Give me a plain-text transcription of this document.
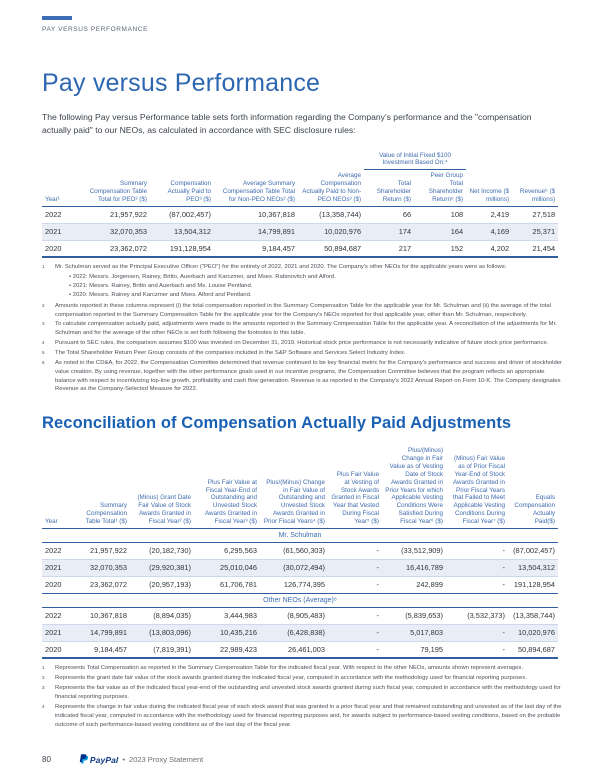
PAY VERSUS PERFORMANCE
Pay versus Performance

The following Pay versus Performance table sets forth information regarding the Company's performance and the "compensation actually paid" to our NEOs, as calculated in accordance with SEC disclosure rules:

					Value of Initial Fixed $100 Investment Based On:⁴			
Year¹	Summary Compensation Table Total for PEO² ($)	Compensation Actually Paid to PEO³ ($)	Average Summary Compensation Table Total for Non-PEO NEOs² ($)	Average Compensation Actually Paid to Non-PEO NEOs³ ($)	Total Shareholder Return ($)	Peer Group Total Shareholder Return⁵ ($)	Net Income ($ millions)	Revenue⁶ ($ millions)
2022	21,957,922	(87,002,457)	10,367,818	(13,358,744)	66	108	2,419	27,518
2021	32,070,353	13,504,312	14,799,891	10,020,976	174	164	4,169	25,371
2020	23,362,072	191,128,954	9,184,457	50,894,687	217	152	4,202	21,454
1	Mr. Schulman served as the Principal Executive Officer ("PEO") for the entirety of 2022, 2021 and 2020. The Company's other NEOs for the applicable years were as follows:
• 2022: Messrs. Jorgensen, Rainey, Britto, Auerbach and Karczmer, and Mses. Rabinovitch and Alford.
• 2021: Messrs. Rainey, Britto and Auerbach and Ms. Louise Pentland.
• 2020: Messrs. Rainey and Karczmer and Mses. Alford and Pentland.
2	Amounts reported in these columns represent (i) the total compensation reported in the Summary Compensation Table for the applicable year for Mr. Schulman and (ii) the average of the total compensation reported in the Summary Compensation Table for the applicable year for the Company's NEOs reported for that applicable year, other than Mr. Schulman, respectively.
3	To calculate compensation actually paid, adjustments were made to the amounts reported in the Summary Compensation Table for the applicable year. A reconciliation of the adjustments for Mr. Schulman and for the average of the other NEOs is set forth following the footnotes to this table.
4	Pursuant to SEC rules, the comparison assumes $100 was invested on December 31, 2019. Historical stock price performance is not necessarily indicative of future stock price performance.
5	The Total Shareholder Return Peer Group consists of the companies included in the S&P Software and Services Select Industry Index.
6	As noted in the CD&A, for 2022, the Compensation Committee determined that revenue continued to be key financial metric for the Company's performance and success and driver of stockholder value creation. By using revenue, together with the other performance goals used in our incentive programs, the Compensation Committee believes that the program reflects an appropriate balance with respect to incentivizing top-line growth, profitability and cash flow generation. Revenue is as reported in the Company's 2022 Annual Report on Form 10-K. The Company designates Revenue as the Company-Selected Measure for 2022.
Reconciliation of Compensation Actually Paid Adjustments
Year	Summary Compensation Table Total¹ ($)	(Minus) Grant Date Fair Value of Stock Awards Granted in Fiscal Year² ($)	Plus Fair Value at Fiscal Year-End of Outstanding and Unvested Stock Awards Granted in Fiscal Year³ ($)	Plus/(Minus) Change in Fair Value of Outstanding and Unvested Stock Awards Granted in Prior Fiscal Years⁴ ($)	Plus Fair Value at Vesting of Stock Awards Granted in Fiscal Year that Vested During Fiscal Year⁵ ($)	Plus/(Minus) Change in Fair Value as of Vesting Date of Stock Awards Granted in Prior Years for which Applicable Vesting Conditions Were Satisfied During Fiscal Year⁶ ($)	(Minus) Fair Value as of Prior Fiscal Year-End of Stock Awards Granted in Prior Fiscal Years that Failed to Meet Applicable Vesting Conditions During Fiscal Year⁷ ($)	Equals Compensation Actually Paid($)
Mr. Schulman								
2022	21,957,922	(20,182,730)	6,295,563	(61,560,303)	-	(33,512,909)	-	(87,002,457)
2021	32,070,353	(29,920,381)	25,010,046	(30,072,494)	-	16,416,789	-	13,504,312
2020	23,362,072	(20,957,193)	61,706,781	126,774,395	-	242,899	-	191,128,954
Other NEOs (Average)⁸								
2022	10,367,818	(8,894,035)	3,444,983	(8,905,483)	-	(5,839,653)	(3,532,373)	(13,358,744)
2021	14,799,891	(13,803,096)	10,435,216	(6,428,838)	-	5,017,803	-	10,020,976
2020	9,184,457	(7,819,391)	22,989,423	26,461,003	-	79,195	-	50,894,687
1	Represents Total Compensation as reported in the Summary Compensation Table for the indicated fiscal year. With respect to the other NEOs, amounts shown represent averages.
2	Represents the grant date fair value of the stock awards granted during the indicated fiscal year, computed in accordance with the methodology used for financial reporting purposes.
3	Represents the fair value as of the indicated fiscal year-end of the outstanding and unvested stock awards granted during such fiscal year, computed in accordance with the methodology used for financial reporting purposes.
4	Represents the change in fair value during the indicated fiscal year of each stock award that was granted in a prior fiscal year and that remained outstanding and unvested as of the last day of the indicated fiscal year, computed in accordance with the methodology used for financial reporting purposes and, for awards subject to performance-based vesting conditions, based on the probable outcome of such performance-based vesting conditions as of the last day of the fiscal year.
80	PayPal • 2023 Proxy Statement
